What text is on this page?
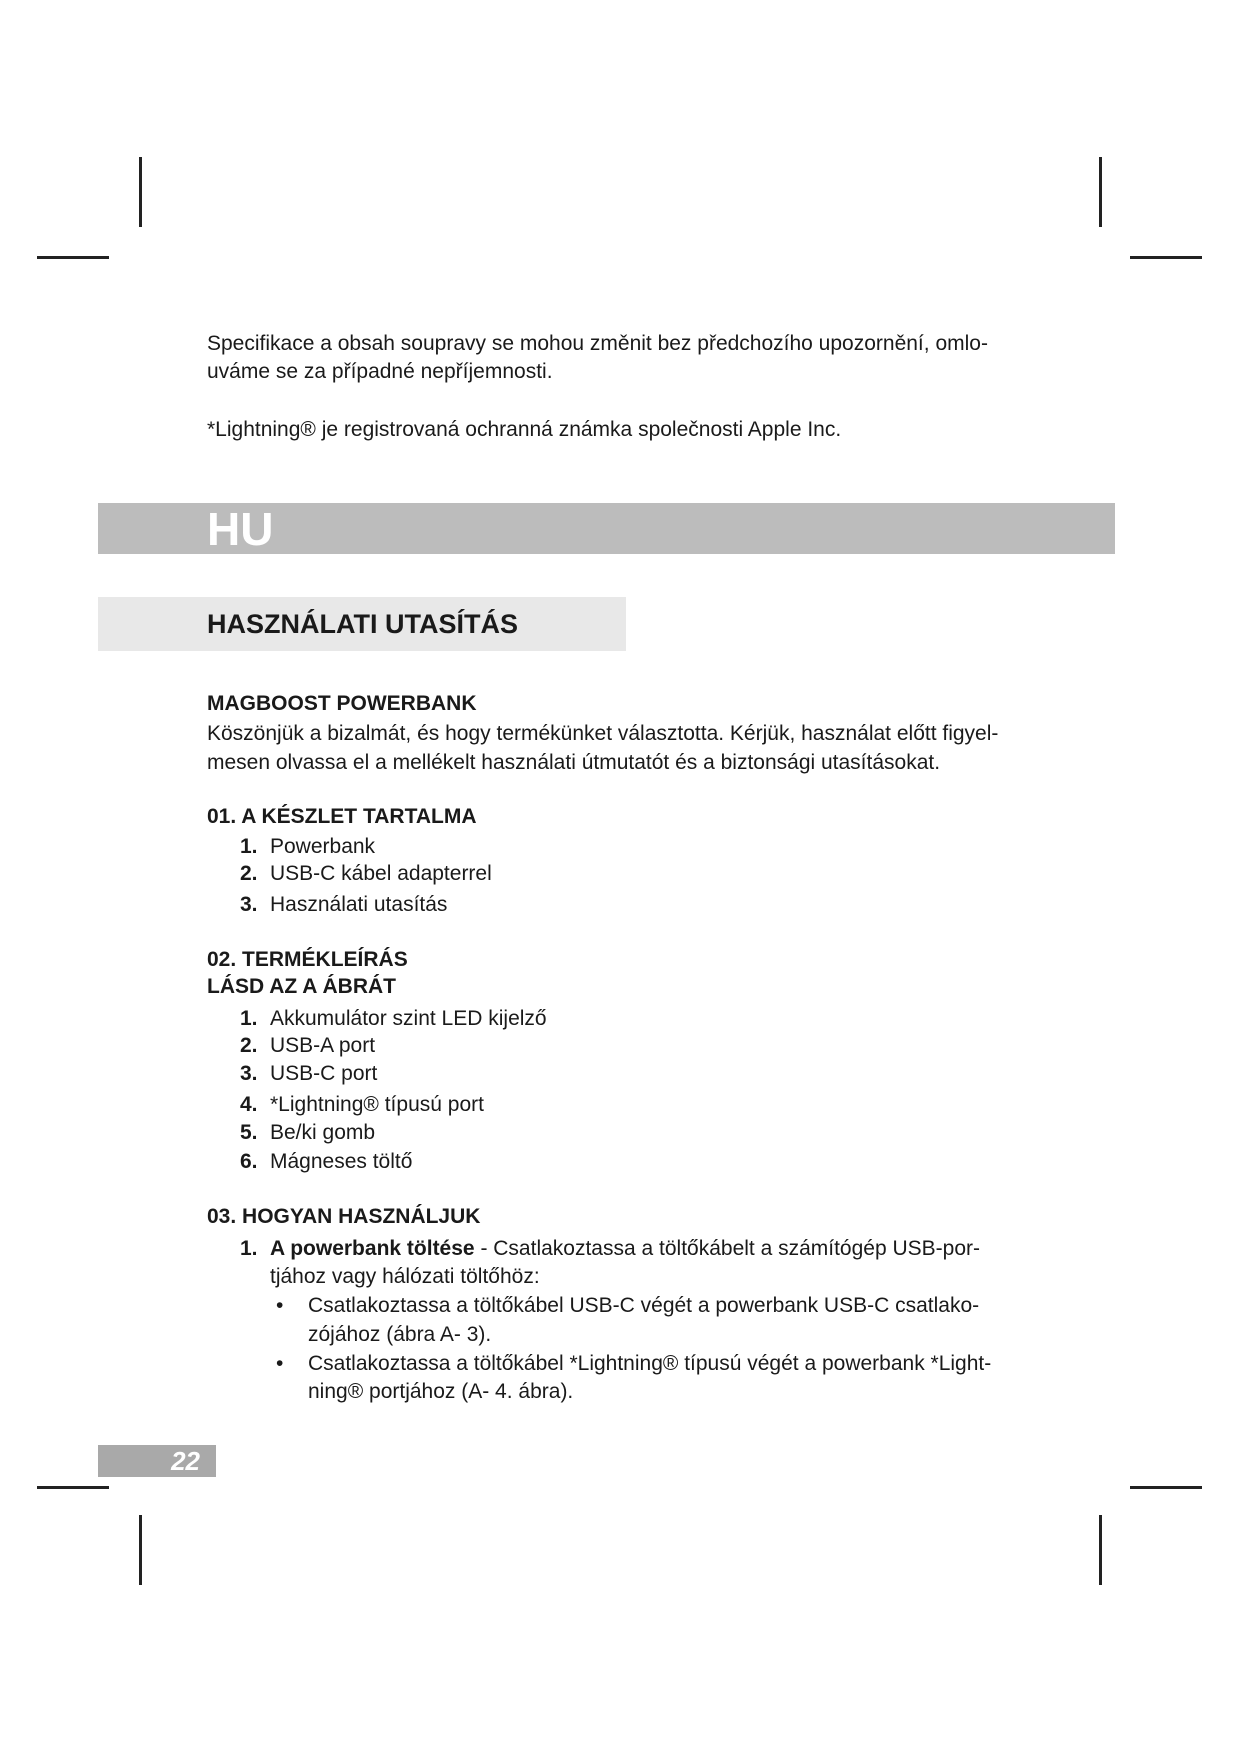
Specifikace a obsah soupravy se mohou změnit bez předchozího upozornění, omlo-
uváme se za případné nepříjemnosti.
*Lightning® je registrovaná ochranná známka společnosti Apple Inc.
HU
HASZNÁLATI UTASÍTÁS
MAGBOOST POWERBANK
Köszönjük a bizalmát, és hogy termékünket választotta. Kérjük, használat előtt figyel-
mesen olvassa el a mellékelt használati útmutatót és a biztonsági utasításokat.
01. A KÉSZLET TARTALMA
1. Powerbank
2. USB-C kábel adapterrel
3. Használati utasítás
02. TERMÉKLEÍRÁS
LÁSD AZ A ÁBRÁT
1. Akkumulátor szint LED kijelző
2. USB-A port
3. USB-C port
4. *Lightning® típusú port
5. Be/ki gomb
6. Mágneses töltő
03. HOGYAN HASZNÁLJUK
1. A powerbank töltése - Csatlakoztassa a töltőkábelt a számítógép USB-por-
tjához vagy hálózati töltőhöz:
• Csatlakoztassa a töltőkábel USB-C végét a powerbank USB-C csatlako-
zójához (ábra A- 3).
• Csatlakoztassa a töltőkábel *Lightning® típusú végét a powerbank *Light-
ning® portjához (A- 4. ábra).
22
